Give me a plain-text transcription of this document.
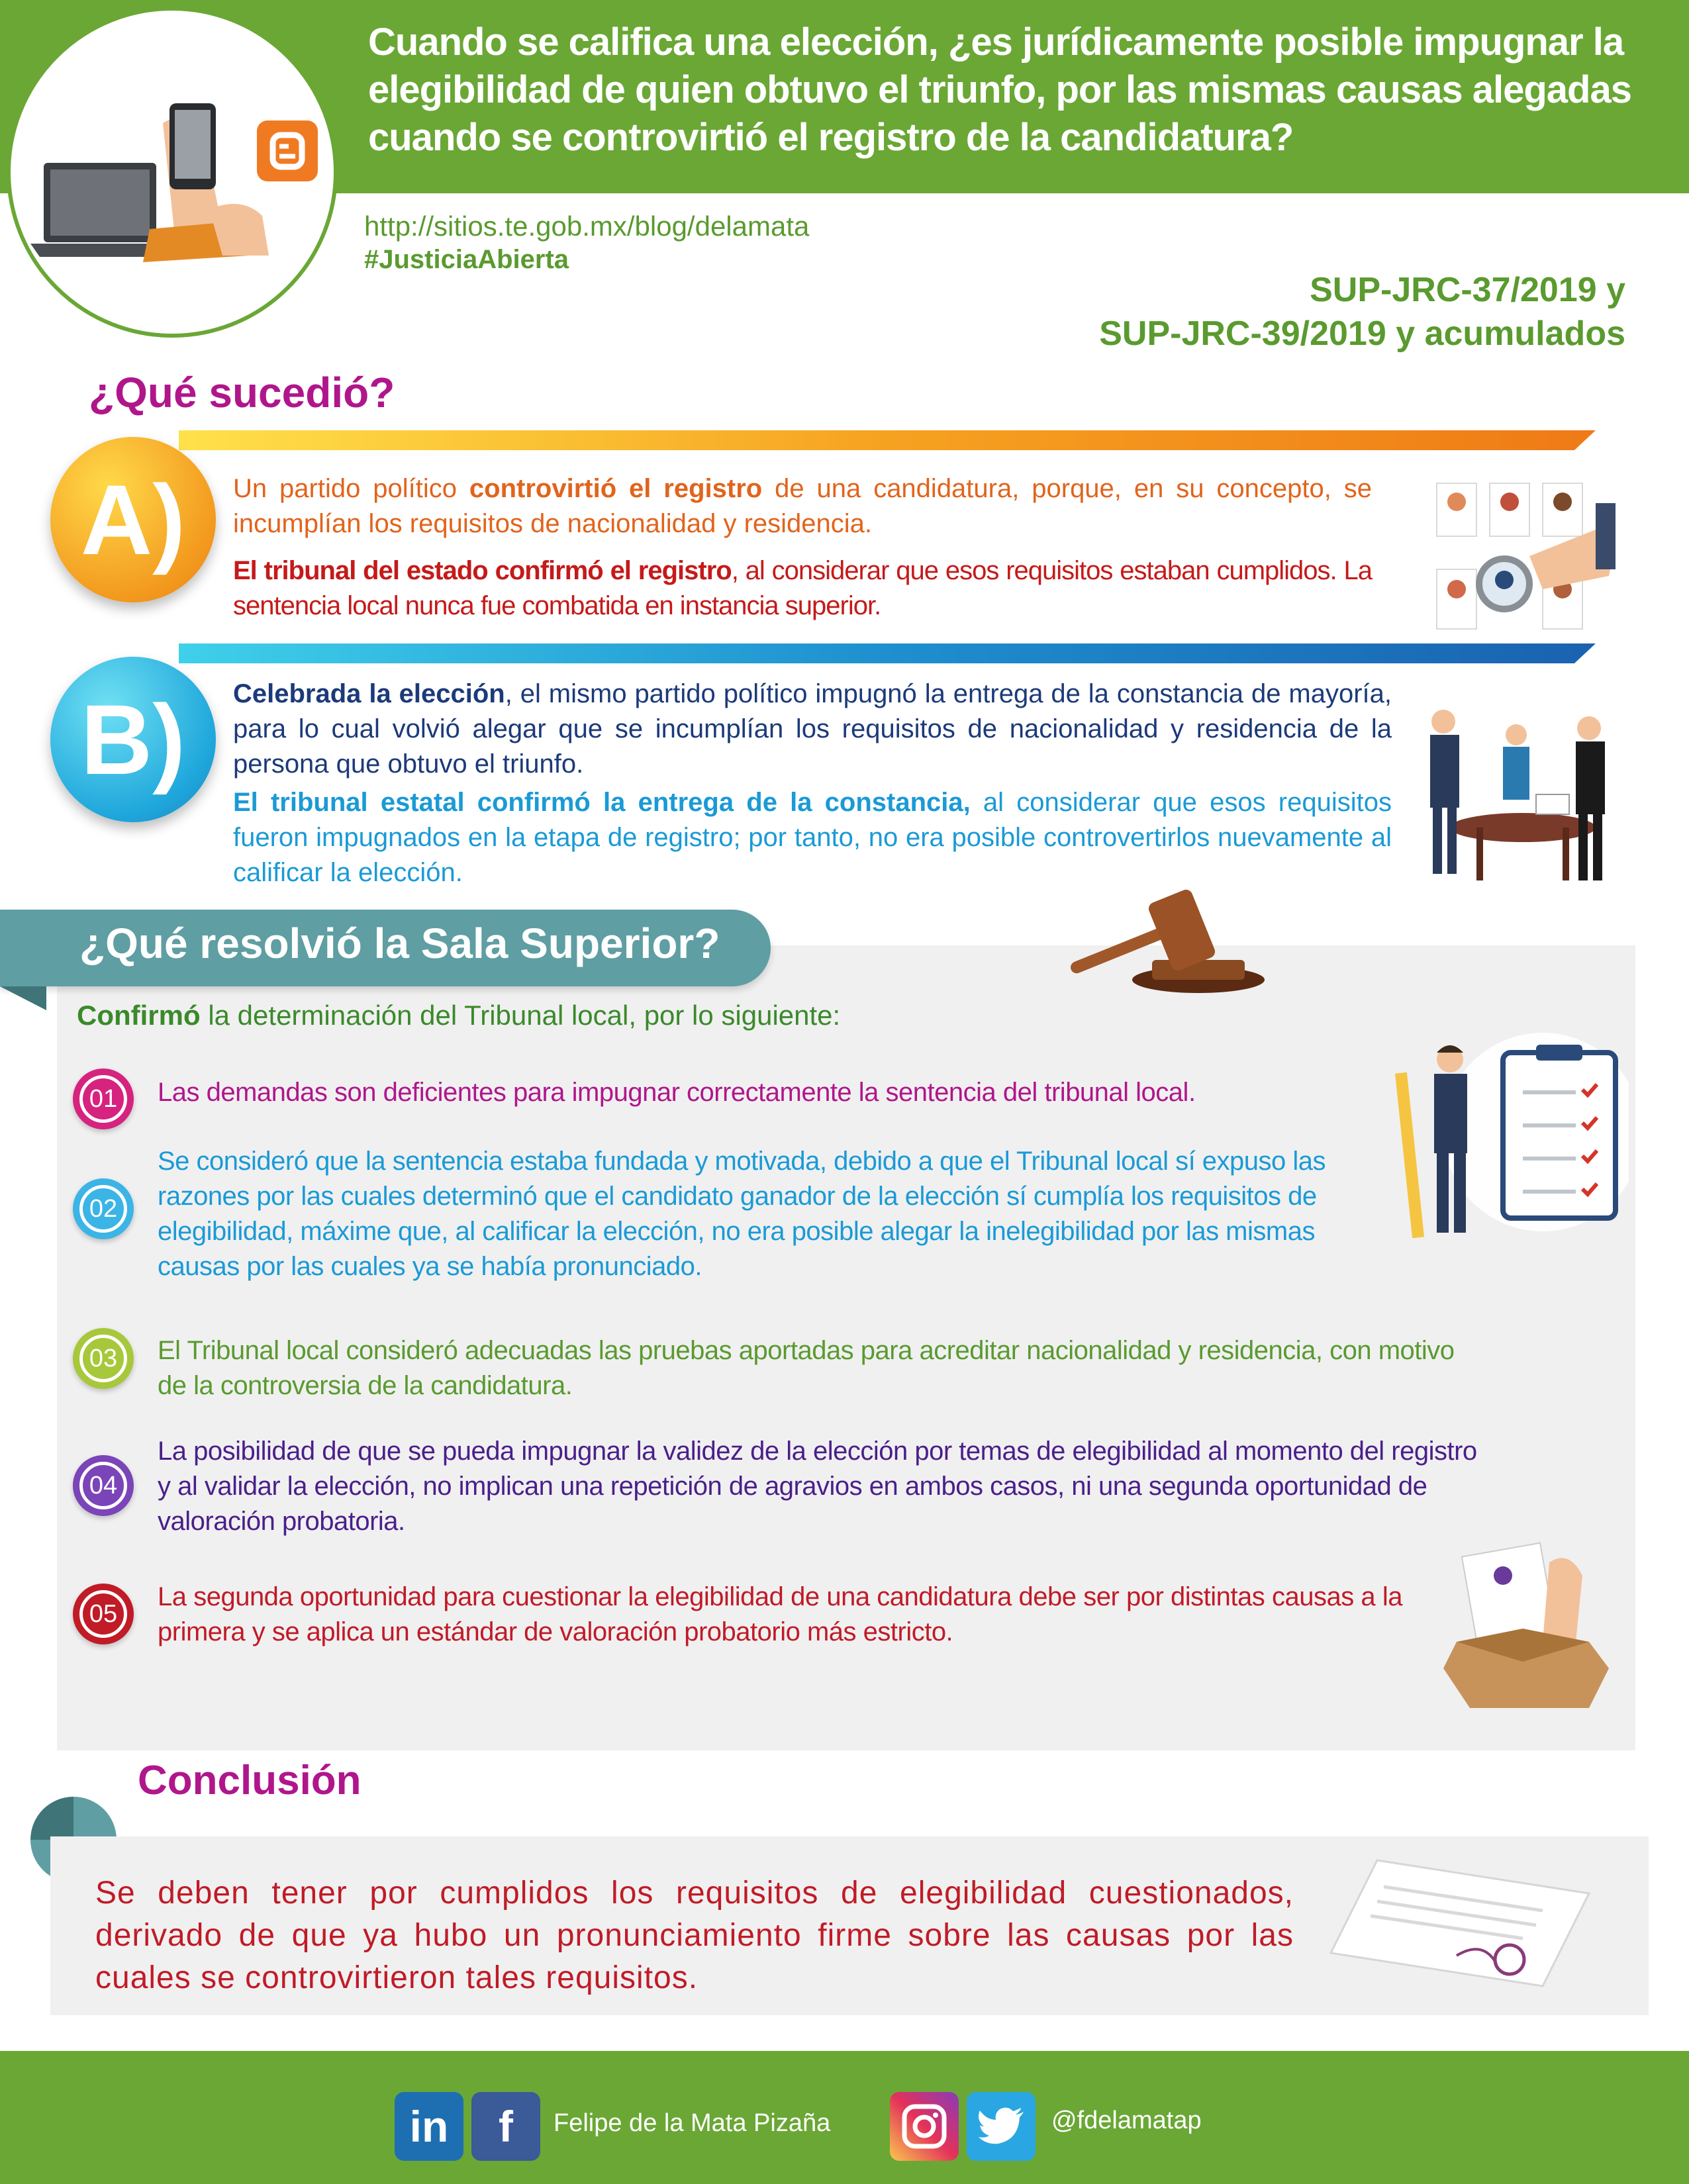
Cuando se califica una elección, ¿es jurídicamente posible impugnar la elegibilidad de quien obtuvo el triunfo, por las mismas causas alegadas cuando se controvirtió el registro de la candidatura?
http://sitios.te.gob.mx/blog/delamata
#JusticiaAbierta
SUP-JRC-37/2019 y
SUP-JRC-39/2019 y acumulados
¿Qué sucedió?
A)	Un partido político controvirtió el registro de una candidatura, porque, en su concepto, se incumplían los requisitos de nacionalidad y residencia.
El tribunal del estado confirmó el registro, al considerar que esos requisitos estaban cumplidos. La sentencia local nunca fue combatida en instancia superior.
B)	Celebrada la elección, el mismo partido político impugnó la entrega de la constancia de mayoría, para lo cual volvió alegar que se incumplían los requisitos de nacionalidad y residencia de la persona que obtuvo el triunfo.
El tribunal estatal confirmó la entrega de la constancia, al considerar que esos requisitos fueron impugnados en la etapa de registro; por tanto, no era posible controvertirlos nuevamente al calificar la elección.
¿Qué resolvió la Sala Superior?
Confirmó la determinación del Tribunal local, por lo siguiente:
01	Las demandas son deficientes para impugnar correctamente la sentencia del tribunal local.
02
Se consideró que la sentencia estaba fundada y motivada, debido a que el Tribunal local sí expuso las razones por las cuales determinó que el candidato ganador de la elección sí cumplía los requisitos de elegibilidad, máxime que, al calificar la elección, no era posible alegar la inelegibilidad por las mismas causas por las cuales ya se había pronunciado.
03	El Tribunal local consideró adecuadas las pruebas aportadas para acreditar nacionalidad y residencia, con motivo de la controversia de la candidatura.
04
La posibilidad de que se pueda impugnar la validez de la elección por temas de elegibilidad al momento del registro y al validar la elección, no implican una repetición de agravios en ambos casos, ni una segunda oportunidad de valoración probatoria.
05
La segunda oportunidad para cuestionar la elegibilidad de una candidatura debe ser por distintas causas a la primera y se aplica un estándar de valoración probatorio más estricto.
Conclusión
Se deben tener por cumplidos los requisitos de elegibilidad cuestionados, derivado de que ya hubo un pronunciamiento firme sobre las causas por las cuales se controvirtieron tales requisitos.
in	f	Felipe de la Mata Pizaña	@fdelamatap
